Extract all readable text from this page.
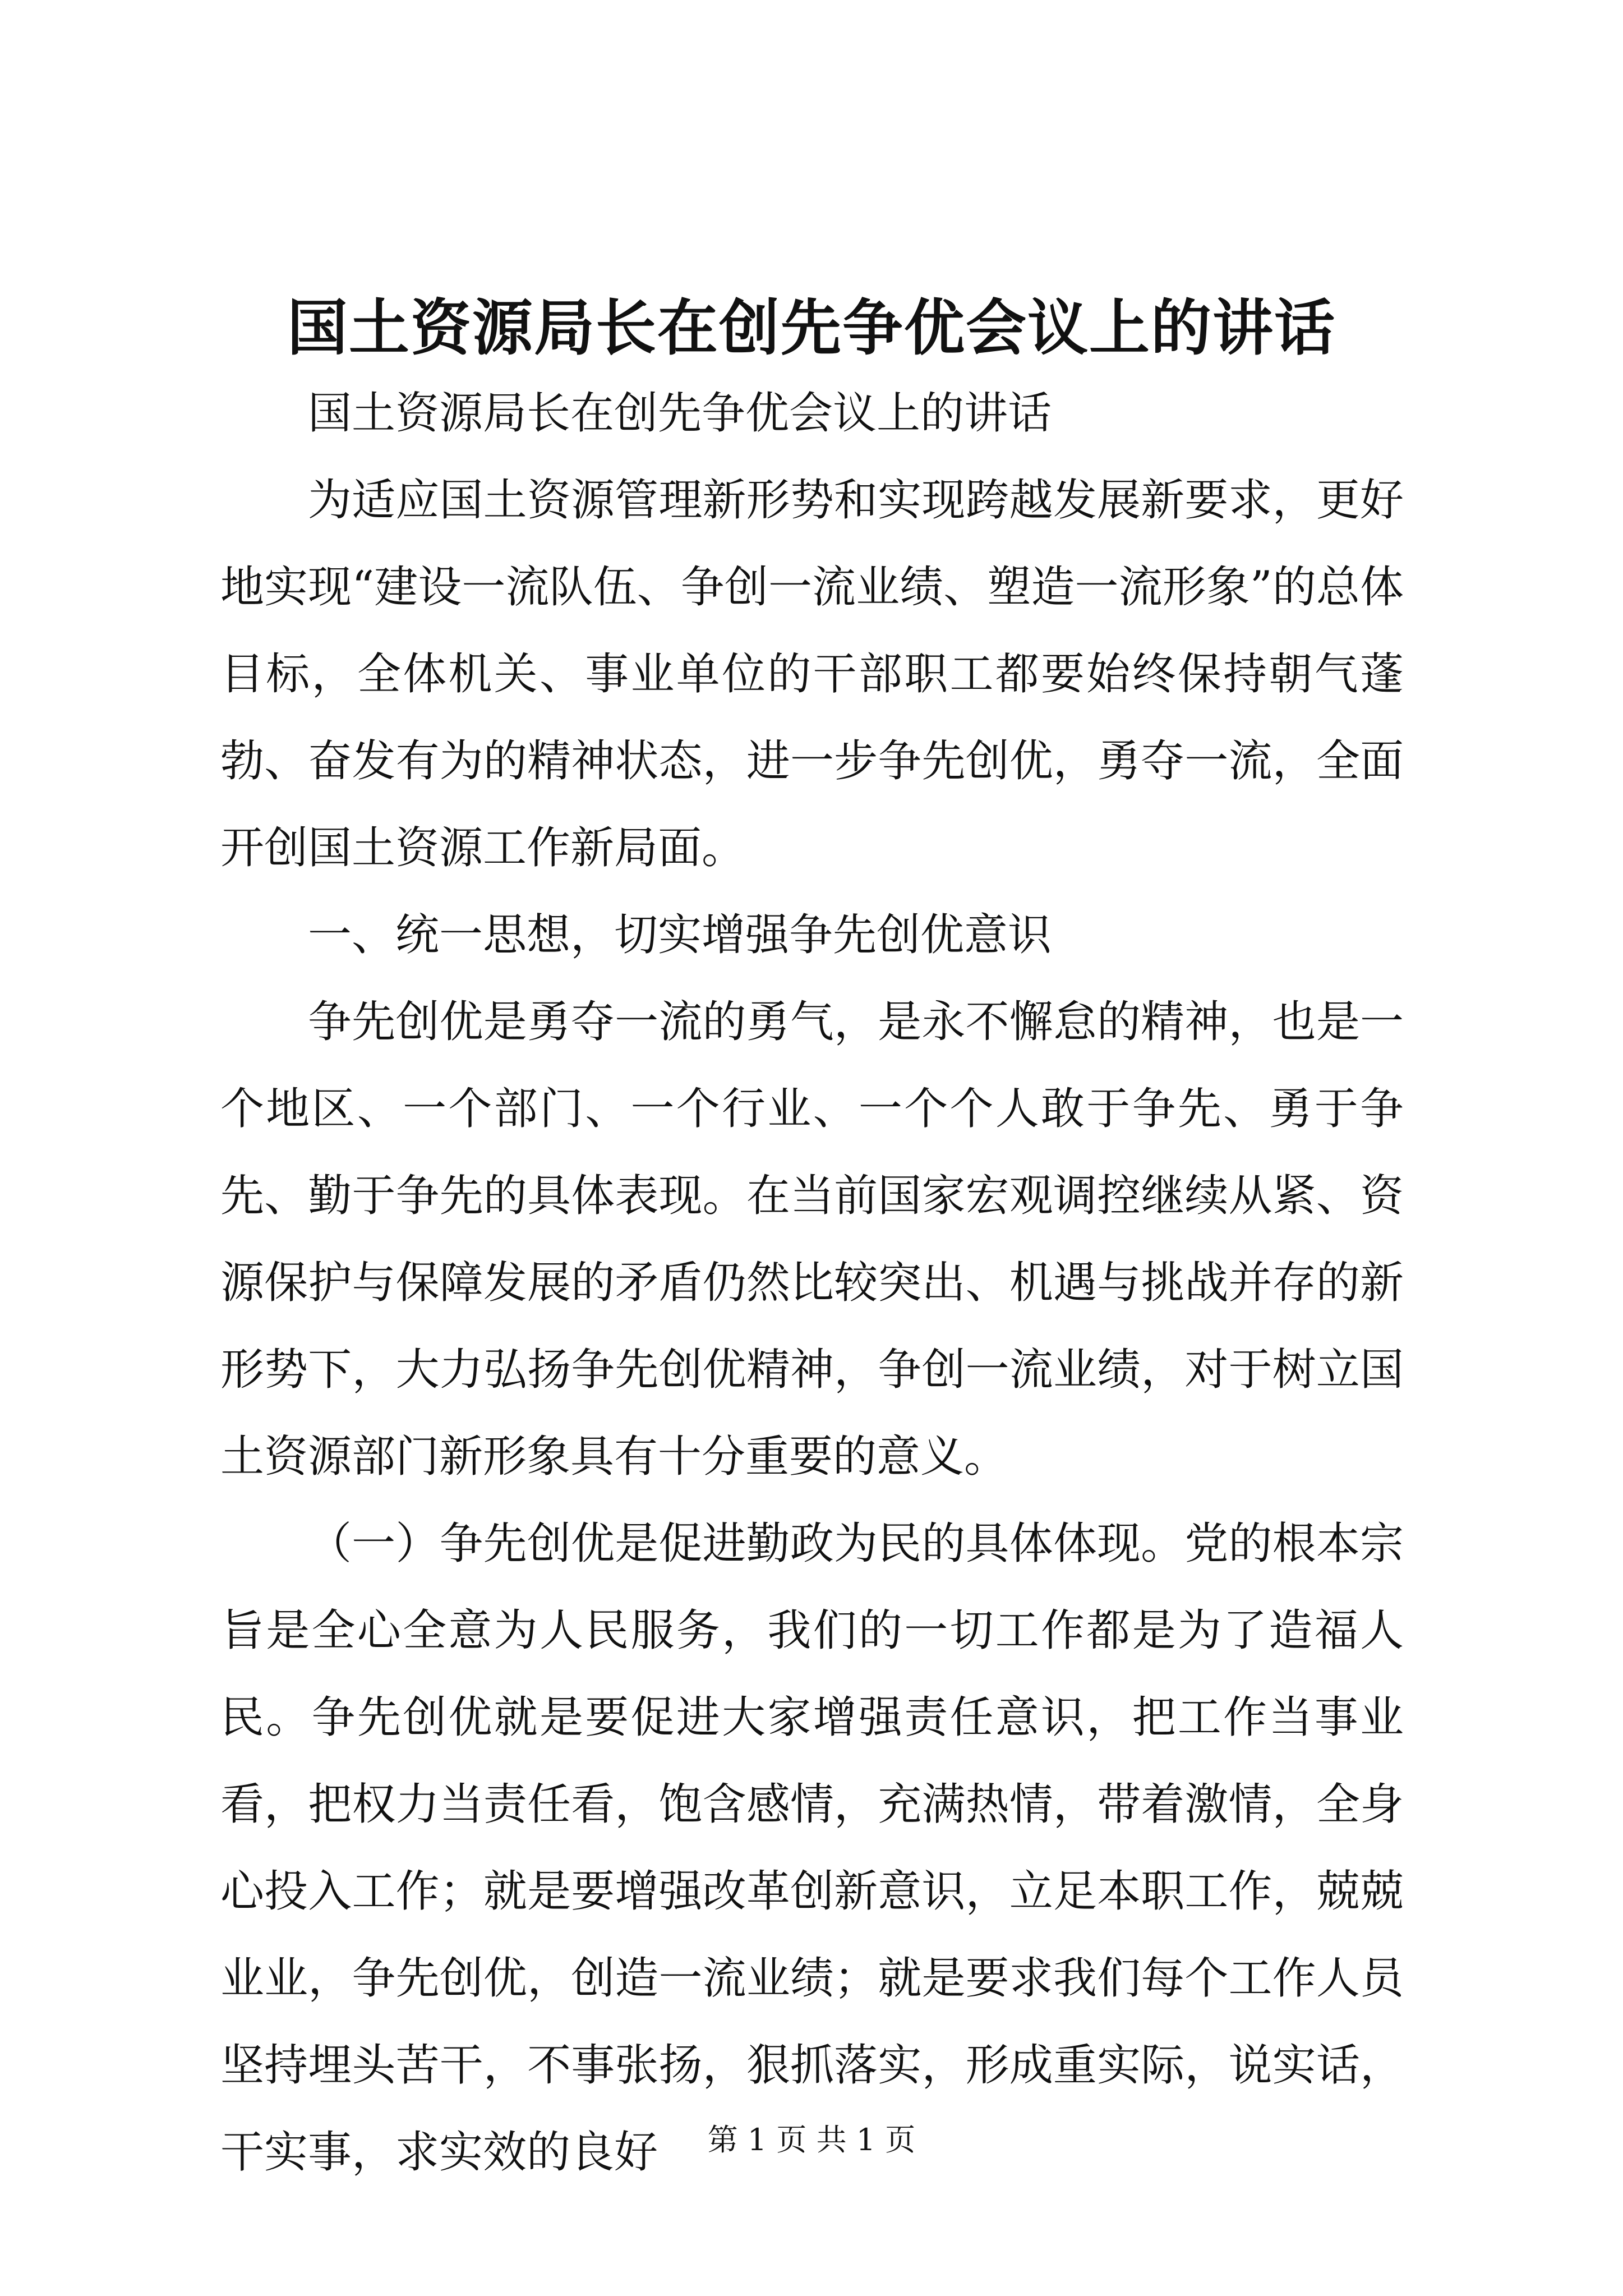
国土资源局长在创先争优会议上的讲话

国土资源局长在创先争优会议上的讲话

为适应国土资源管理新形势和实现跨越发展新要求，更好地实现“建设一流队伍、争创一流业绩、塑造一流形象”的总体目标，全体机关、事业单位的干部职工都要始终保持朝气蓬勃、奋发有为的精神状态，进一步争先创优，勇夺一流，全面开创国土资源工作新局面。

一、统一思想，切实增强争先创优意识

争先创优是勇夺一流的勇气，是永不懈怠的精神，也是一个地区、一个部门、一个行业、一个个人敢于争先、勇于争先、勤于争先的具体表现。在当前国家宏观调控继续从紧、资源保护与保障发展的矛盾仍然比较突出、机遇与挑战并存的新形势下，大力弘扬争先创优精神，争创一流业绩，对于树立国土资源部门新形象具有十分重要的意义。

（一）争先创优是促进勤政为民的具体体现。党的根本宗旨是全心全意为人民服务，我们的一切工作都是为了造福人民。争先创优就是要促进大家增强责任意识，把工作当事业看，把权力当责任看，饱含感情，充满热情，带着激情，全身心投入工作；就是要增强改革创新意识，立足本职工作，兢兢业业，争先创优，创造一流业绩；就是要求我们每个工作人员坚持埋头苦干，不事张扬，狠抓落实，形成重实际，说实话，干实事，求实效的良好	第 1 页 共 1 页
